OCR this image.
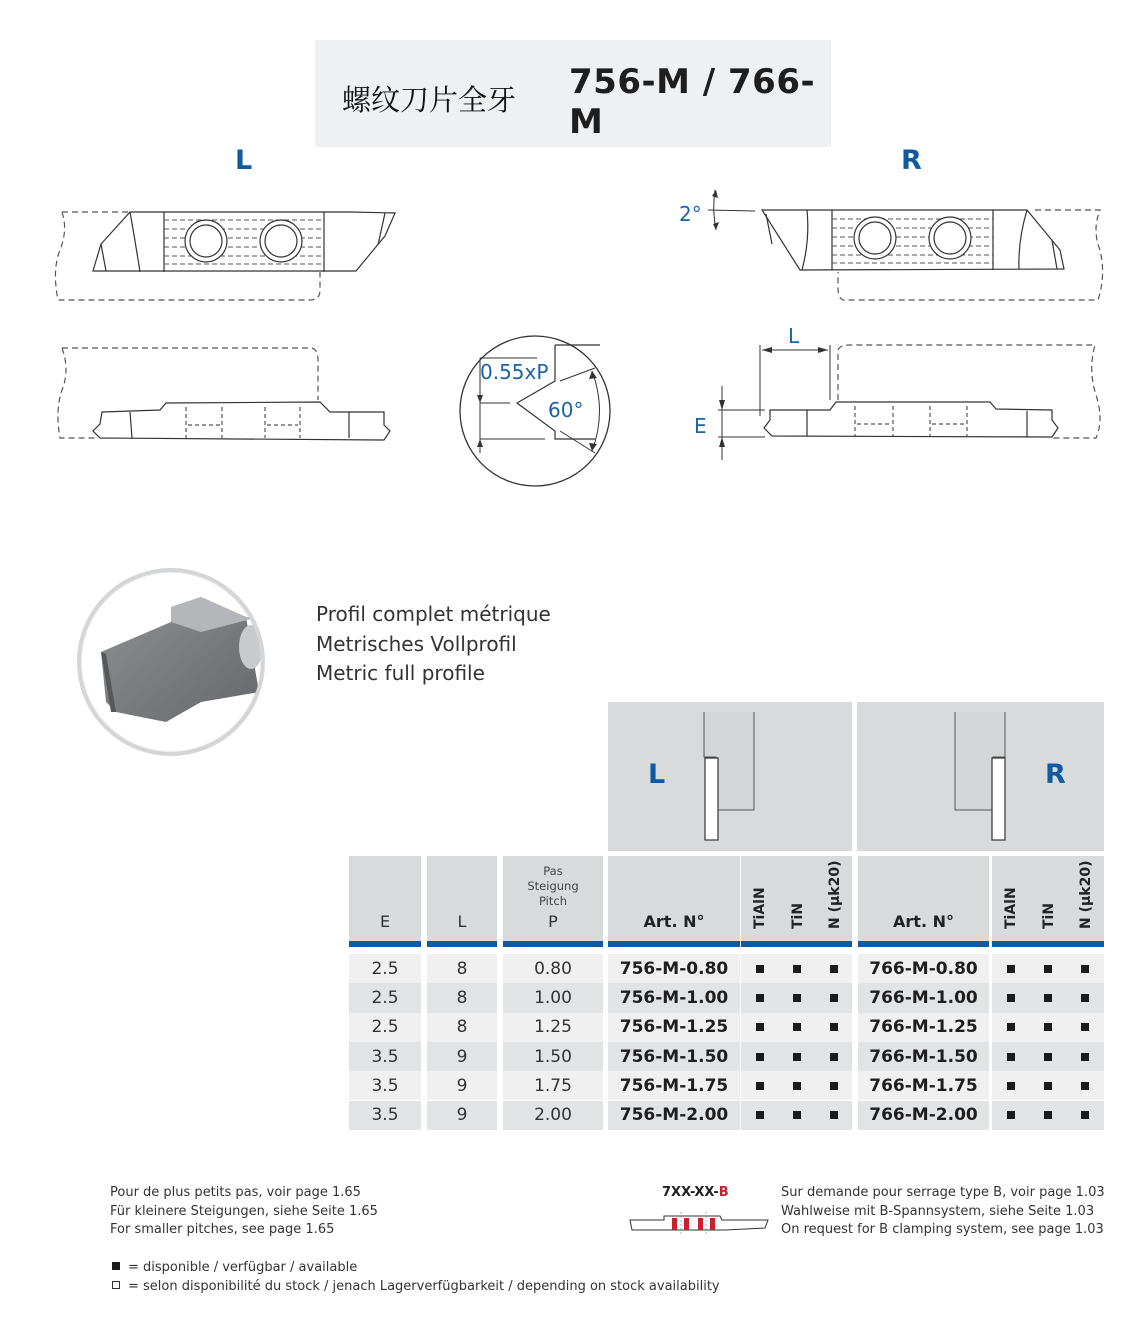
螺纹刀片全牙 756-M / 766-M
L	R
2°
L
E
0.55xP
60°
Profil complet métrique
Metrisches Vollprofil
Metric full profile
L	R
E	L
Pas
Steigung
Pitch
P	Art. N°	TiAlN TiN N (µk20)	Art. N°	TiAlN TiN N (µk20)
2.5	8	0.80	756-M-0.80	766-M-0.80
2.5	8	1.00	756-M-1.00	766-M-1.00
2.5	8	1.25	756-M-1.25	766-M-1.25
3.5	9	1.50	756-M-1.50	766-M-1.50
3.5	9	1.75	756-M-1.75	766-M-1.75
3.5	9	2.00	756-M-2.00	766-M-2.00
Pour de plus petits pas, voir page 1.65
Für kleinere Steigungen, siehe Seite 1.65
For smaller pitches, see page 1.65
7XX-XX-B	Sur demande pour serrage type B, voir page 1.03
Wahlweise mit B-Spannsystem, siehe Seite 1.03
On request for B clamping system, see page 1.03
= disponible / verfügbar / available
= selon disponibilité du stock / jenach Lagerverfügbarkeit / depending on stock availability
